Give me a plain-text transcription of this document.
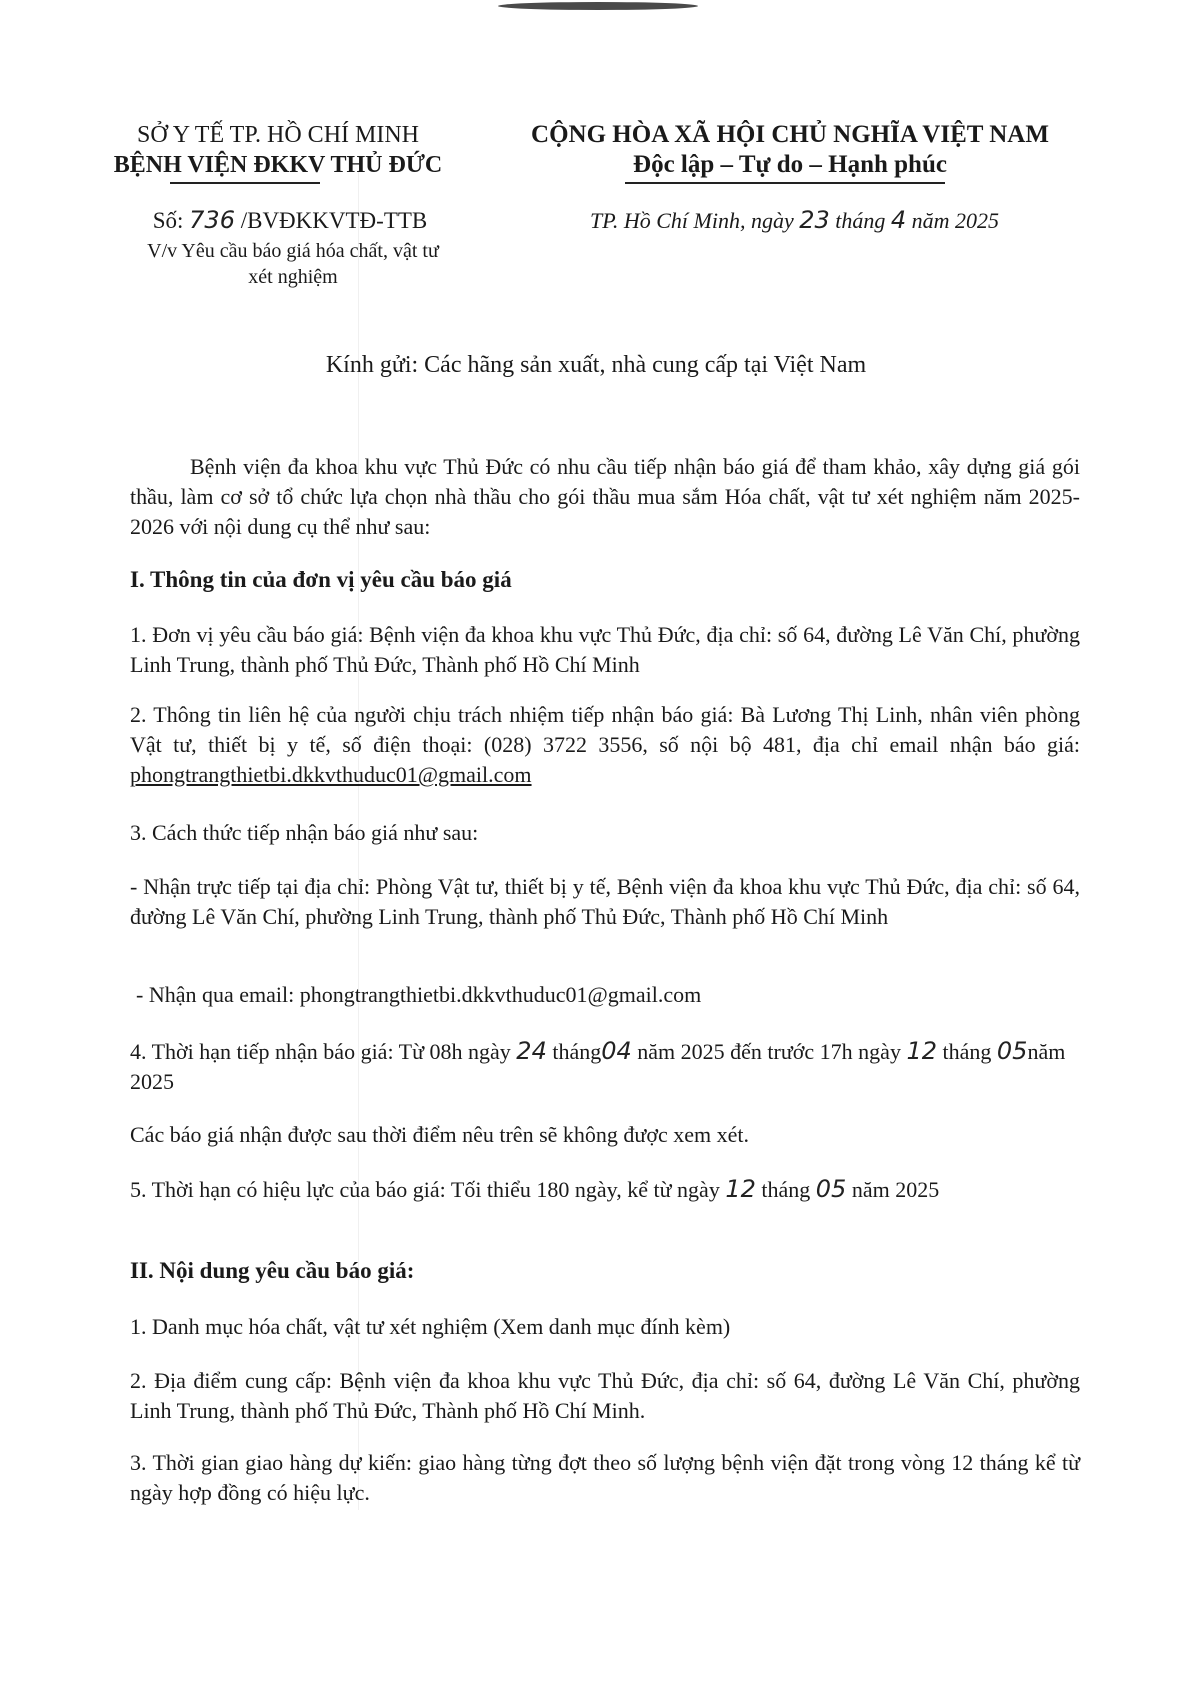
SỞ Y TẾ TP. HỒ CHÍ MINH
BỆNH VIỆN ĐKKV THỦ ĐỨC
Số: 736 /BVĐKKVTĐ-TTB
V/v Yêu cầu báo giá hóa chất, vật tư
xét nghiệm
CỘNG HÒA XÃ HỘI CHỦ NGHĨA VIỆT NAM
Độc lập – Tự do – Hạnh phúc
TP. Hồ Chí Minh, ngày 23 tháng 4 năm 2025
Kính gửi: Các hãng sản xuất, nhà cung cấp tại Việt Nam
Bệnh viện đa khoa khu vực Thủ Đức có nhu cầu tiếp nhận báo giá để tham khảo, xây dựng giá gói thầu, làm cơ sở tổ chức lựa chọn nhà thầu cho gói thầu mua sắm Hóa chất, vật tư xét nghiệm năm 2025-2026 với nội dung cụ thể như sau:
I. Thông tin của đơn vị yêu cầu báo giá
1. Đơn vị yêu cầu báo giá: Bệnh viện đa khoa khu vực Thủ Đức, địa chỉ: số 64, đường Lê Văn Chí, phường Linh Trung, thành phố Thủ Đức, Thành phố Hồ Chí Minh
2. Thông tin liên hệ của người chịu trách nhiệm tiếp nhận báo giá: Bà Lương Thị Linh, nhân viên phòng Vật tư, thiết bị y tế, số điện thoại: (028) 3722 3556, số nội bộ 481, địa chỉ email nhận báo giá: phongtrangthietbi.dkkvthuduc01@gmail.com
3. Cách thức tiếp nhận báo giá như sau:
- Nhận trực tiếp tại địa chỉ: Phòng Vật tư, thiết bị y tế, Bệnh viện đa khoa khu vực Thủ Đức, địa chỉ: số 64, đường Lê Văn Chí, phường Linh Trung, thành phố Thủ Đức, Thành phố Hồ Chí Minh
- Nhận qua email: phongtrangthietbi.dkkvthuduc01@gmail.com
4. Thời hạn tiếp nhận báo giá: Từ 08h ngày 24 tháng04 năm 2025 đến trước 17h ngày 12 tháng 05năm 2025
Các báo giá nhận được sau thời điểm nêu trên sẽ không được xem xét.
5. Thời hạn có hiệu lực của báo giá: Tối thiểu 180 ngày, kể từ ngày 12 tháng 05 năm 2025
II. Nội dung yêu cầu báo giá:
1. Danh mục hóa chất, vật tư xét nghiệm (Xem danh mục đính kèm)
2. Địa điểm cung cấp: Bệnh viện đa khoa khu vực Thủ Đức, địa chỉ: số 64, đường Lê Văn Chí, phường Linh Trung, thành phố Thủ Đức, Thành phố Hồ Chí Minh.
3. Thời gian giao hàng dự kiến: giao hàng từng đợt theo số lượng bệnh viện đặt trong vòng 12 tháng kể từ ngày hợp đồng có hiệu lực.
